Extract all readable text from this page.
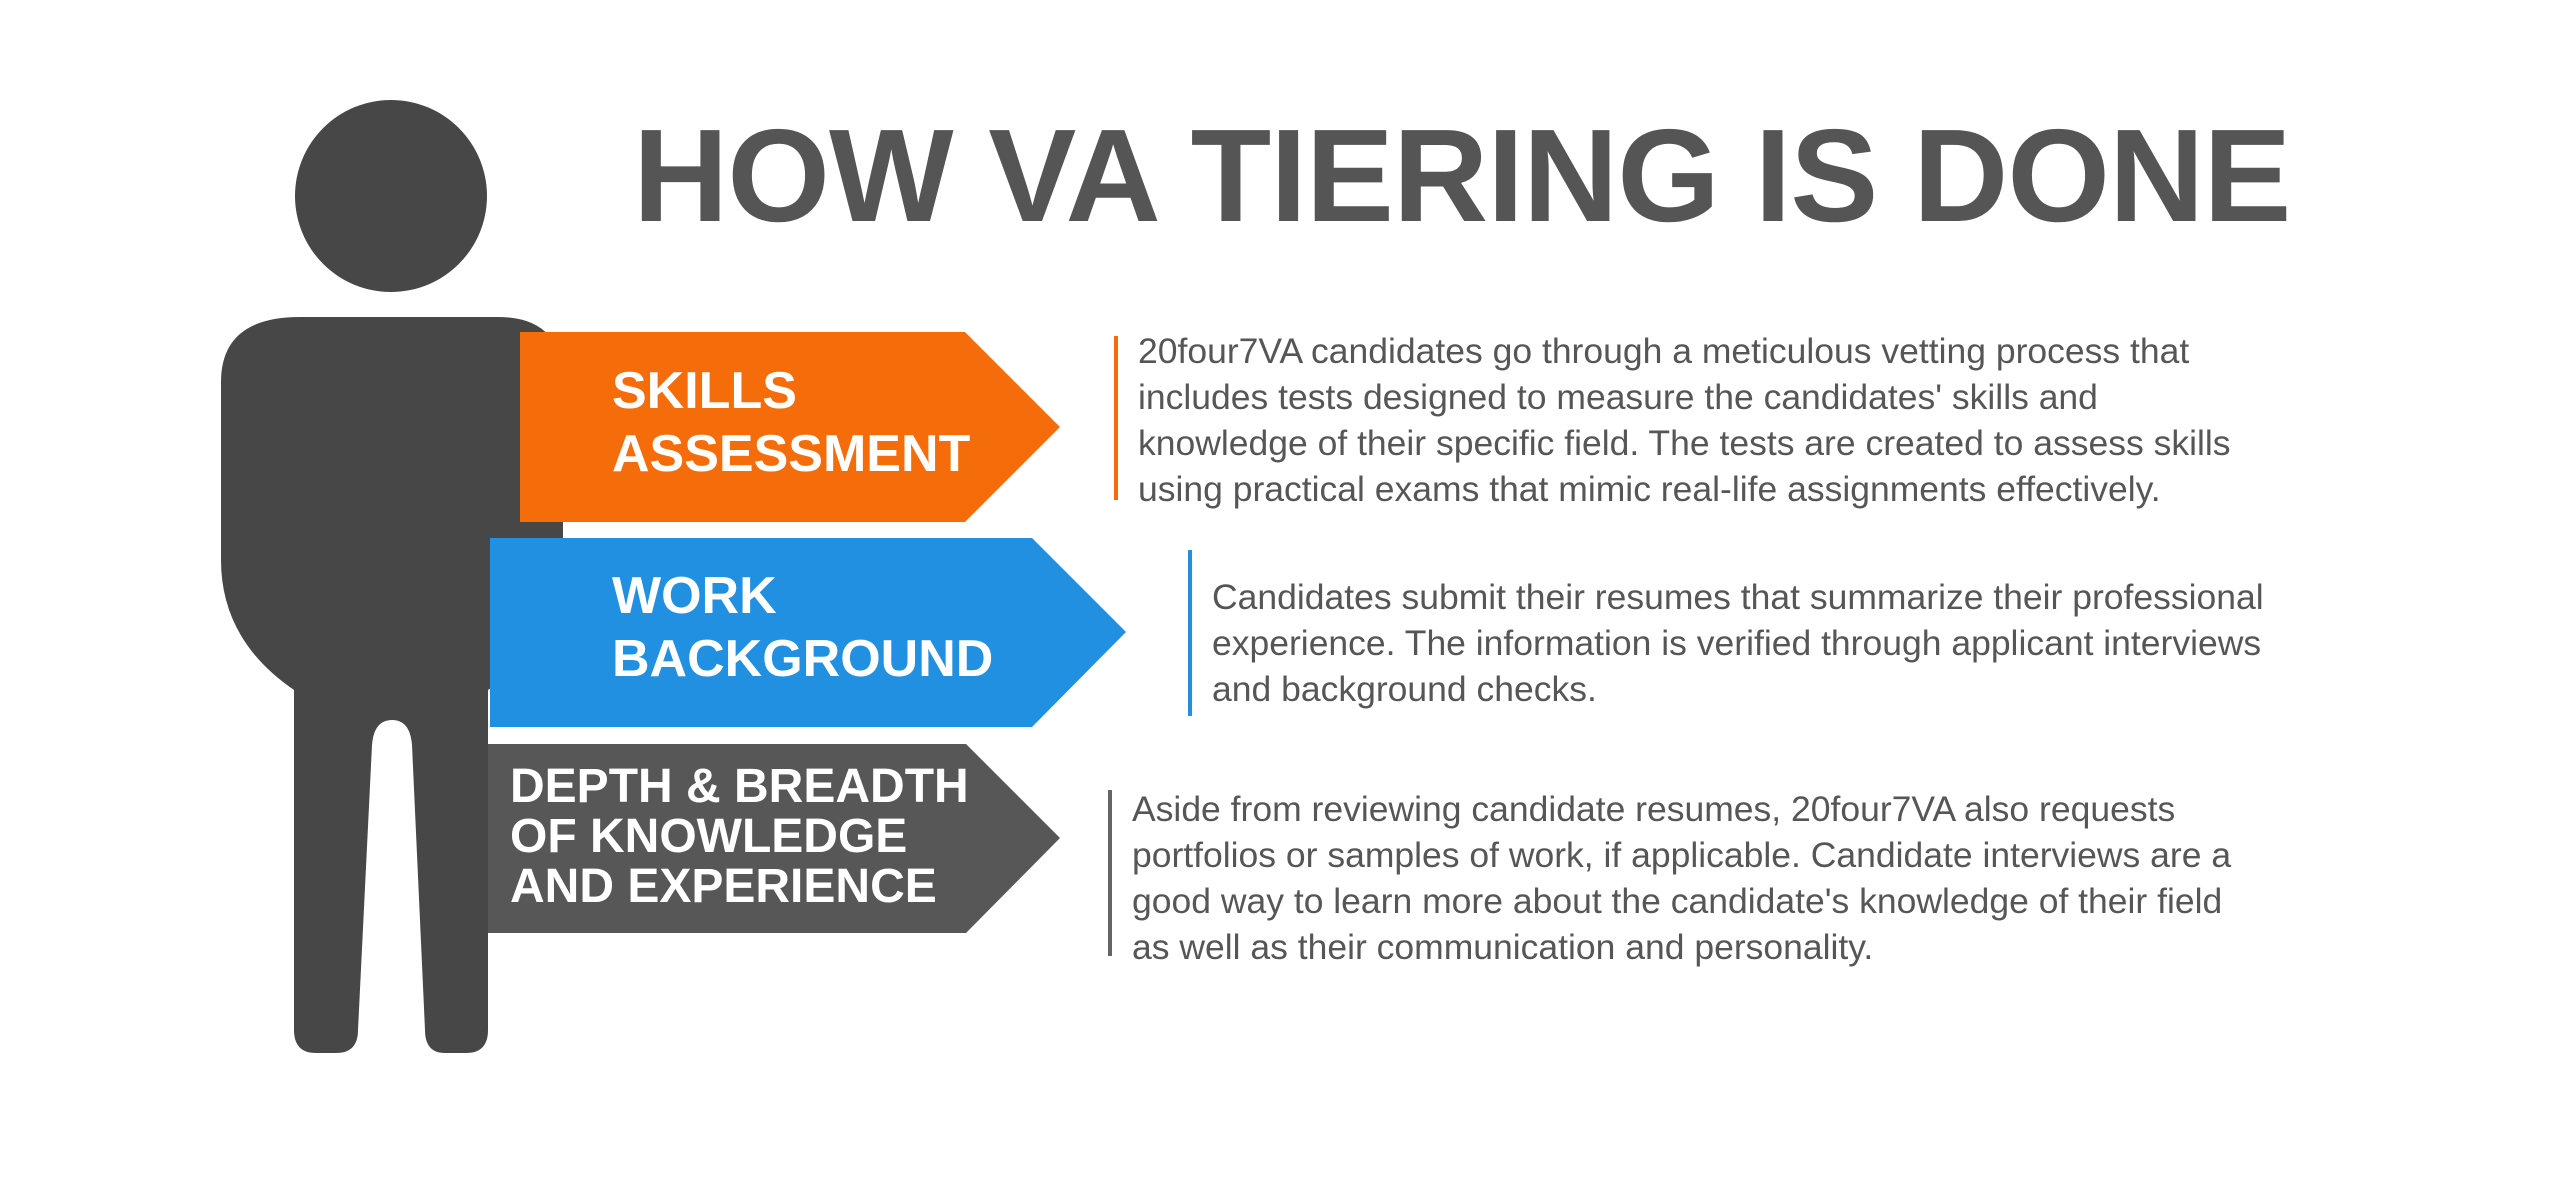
HOW VA TIERING IS DONE
SKILLS
ASSESSMENT
WORK
BACKGROUND
DEPTH & BREADTH
OF KNOWLEDGE
AND EXPERIENCE
20four7VA candidates go through a meticulous vetting process that
includes tests designed to measure the candidates' skills and
knowledge of their specific field. The tests are created to assess skills
using practical exams that mimic real-life assignments effectively.
Candidates submit their resumes that summarize their professional
experience. The information is verified through applicant interviews
and background checks.
Aside from reviewing candidate resumes, 20four7VA also requests
portfolios or samples of work, if applicable. Candidate interviews are a
good way to learn more about the candidate's knowledge of their field
as well as their communication and personality.
